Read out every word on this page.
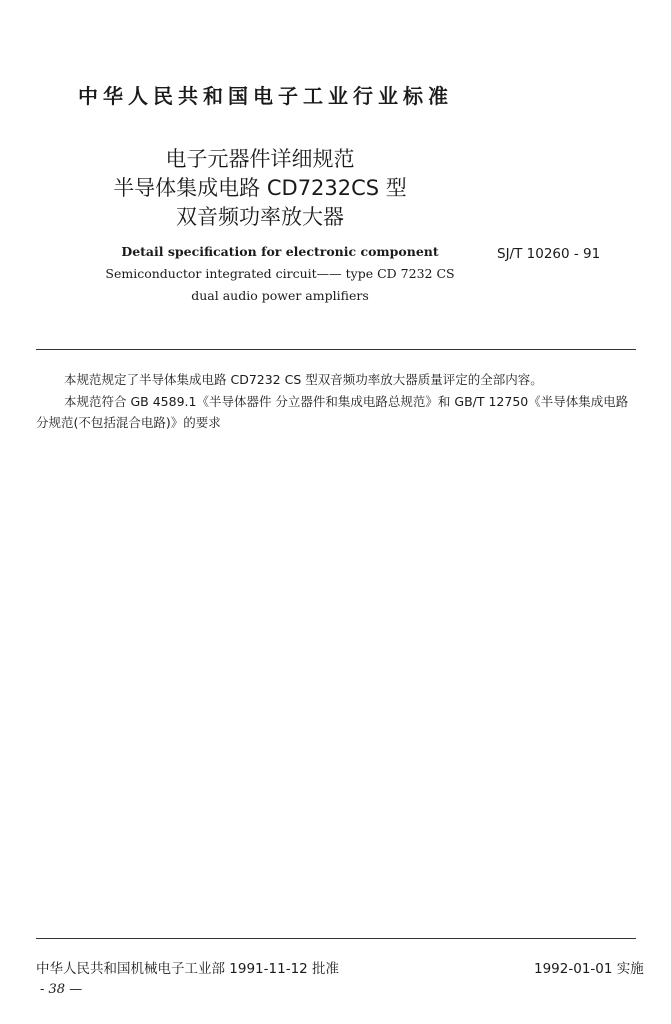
中华人民共和国电子工业行业标准
电子元器件详细规范
半导体集成电路 CD7232CS 型
双音频功率放大器
Detail specification for electronic component
Semiconductor integrated circuit—— type CD 7232 CS
dual audio power amplifiers
SJ/T 10260 - 91
本规范规定了半导体集成电路 CD7232 CS 型双音频功率放大器质量评定的全部内容。
本规范符合 GB 4589.1《半导体器件 分立器件和集成电路总规范》和 GB/T 12750《半导体集成电路分规范(不包括混合电路)》的要求
中华人民共和国机械电子工业部 1991-11-12 批准	1992-01-01 实施
- 38 —
